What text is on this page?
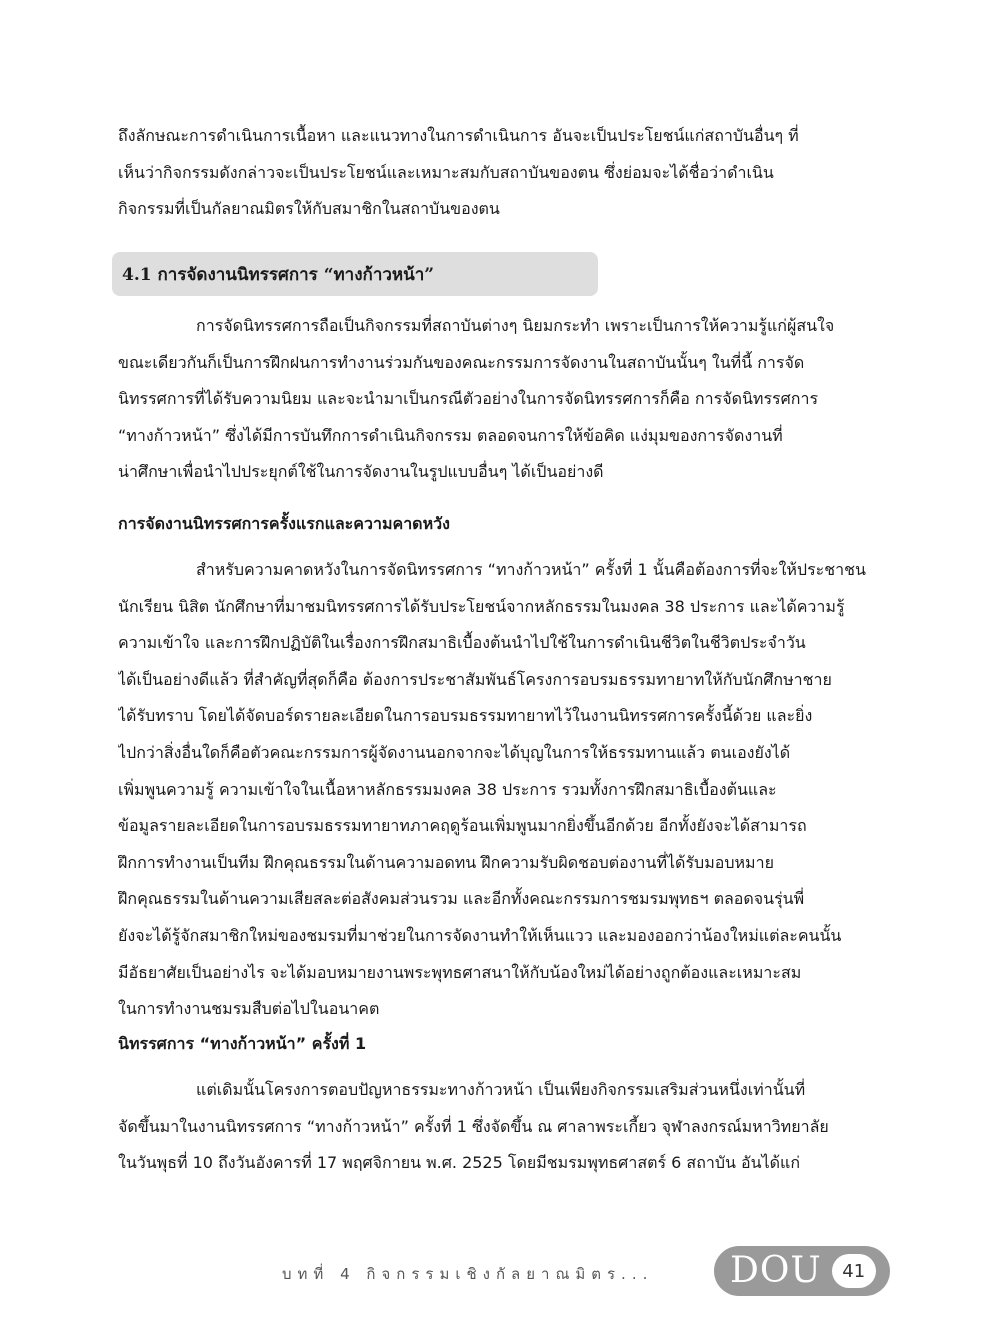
ถึงลักษณะการดำเนินการเนื้อหา และแนวทางในการดำเนินการ อันจะเป็นประโยชน์แก่สถาบันอื่นๆ ที่
เห็นว่ากิจกรรมดังกล่าวจะเป็นประโยชน์และเหมาะสมกับสถาบันของตน ซึ่งย่อมจะได้ชื่อว่าดำเนิน
กิจกรรมที่เป็นกัลยาณมิตรให้กับสมาชิกในสถาบันของตน

4.1 การจัดงานนิทรรศการ “ทางก้าวหน้า”

การจัดนิทรรศการถือเป็นกิจกรรมที่สถาบันต่างๆ นิยมกระทำ เพราะเป็นการให้ความรู้แก่ผู้สนใจ
ขณะเดียวกันก็เป็นการฝึกฝนการทำงานร่วมกันของคณะกรรมการจัดงานในสถาบันนั้นๆ ในที่นี้ การจัด
นิทรรศการที่ได้รับความนิยม และจะนำมาเป็นกรณีตัวอย่างในการจัดนิทรรศการก็คือ การจัดนิทรรศการ
“ทางก้าวหน้า” ซึ่งได้มีการบันทึกการดำเนินกิจกรรม ตลอดจนการให้ข้อคิด แง่มุมของการจัดงานที่
น่าศึกษาเพื่อนำไปประยุกต์ใช้ในการจัดงานในรูปแบบอื่นๆ ได้เป็นอย่างดี

การจัดงานนิทรรศการครั้งแรกและความคาดหวัง

สำหรับความคาดหวังในการจัดนิทรรศการ “ทางก้าวหน้า” ครั้งที่ 1 นั้นคือต้องการที่จะให้ประชาชน
นักเรียน นิสิต นักศึกษาที่มาชมนิทรรศการได้รับประโยชน์จากหลักธรรมในมงคล 38 ประการ และได้ความรู้
ความเข้าใจ และการฝึกปฏิบัติในเรื่องการฝึกสมาธิเบื้องต้นนำไปใช้ในการดำเนินชีวิตในชีวิตประจำวัน
ได้เป็นอย่างดีแล้ว ที่สำคัญที่สุดก็คือ ต้องการประชาสัมพันธ์โครงการอบรมธรรมทายาทให้กับนักศึกษาชาย
ได้รับทราบ โดยได้จัดบอร์ดรายละเอียดในการอบรมธรรมทายาทไว้ในงานนิทรรศการครั้งนี้ด้วย และยิ่ง
ไปกว่าสิ่งอื่นใดก็คือตัวคณะกรรมการผู้จัดงานนอกจากจะได้บุญในการให้ธรรมทานแล้ว ตนเองยังได้
เพิ่มพูนความรู้ ความเข้าใจในเนื้อหาหลักธรรมมงคล 38 ประการ รวมทั้งการฝึกสมาธิเบื้องต้นและ
ข้อมูลรายละเอียดในการอบรมธรรมทายาทภาคฤดูร้อนเพิ่มพูนมากยิ่งขึ้นอีกด้วย อีกทั้งยังจะได้สามารถ
ฝึกการทำงานเป็นทีม ฝึกคุณธรรมในด้านความอดทน ฝึกความรับผิดชอบต่องานที่ได้รับมอบหมาย
ฝึกคุณธรรมในด้านความเสียสละต่อสังคมส่วนรวม และอีกทั้งคณะกรรมการชมรมพุทธฯ ตลอดจนรุ่นพี่
ยังจะได้รู้จักสมาชิกใหม่ของชมรมที่มาช่วยในการจัดงานทำให้เห็นแวว และมองออกว่าน้องใหม่แต่ละคนนั้น
มีอัธยาศัยเป็นอย่างไร จะได้มอบหมายงานพระพุทธศาสนาให้กับน้องใหม่ได้อย่างถูกต้องและเหมาะสม
ในการทำงานชมรมสืบต่อไปในอนาคต

นิทรรศการ “ทางก้าวหน้า” ครั้งที่ 1

แต่เดิมนั้นโครงการตอบปัญหาธรรมะทางก้าวหน้า เป็นเพียงกิจกรรมเสริมส่วนหนึ่งเท่านั้นที่
จัดขึ้นมาในงานนิทรรศการ “ทางก้าวหน้า” ครั้งที่ 1 ซึ่งจัดขึ้น ณ ศาลาพระเกี้ยว จุฬาลงกรณ์มหาวิทยาลัย
ในวันพุธที่ 10 ถึงวันอังคารที่ 17 พฤศจิกายน พ.ศ. 2525 โดยมีชมรมพุทธศาสตร์ 6 สถาบัน อันได้แก่

บทที่ 4 กิจกรรมเชิงกัลยาณมิตร... DOU	41
